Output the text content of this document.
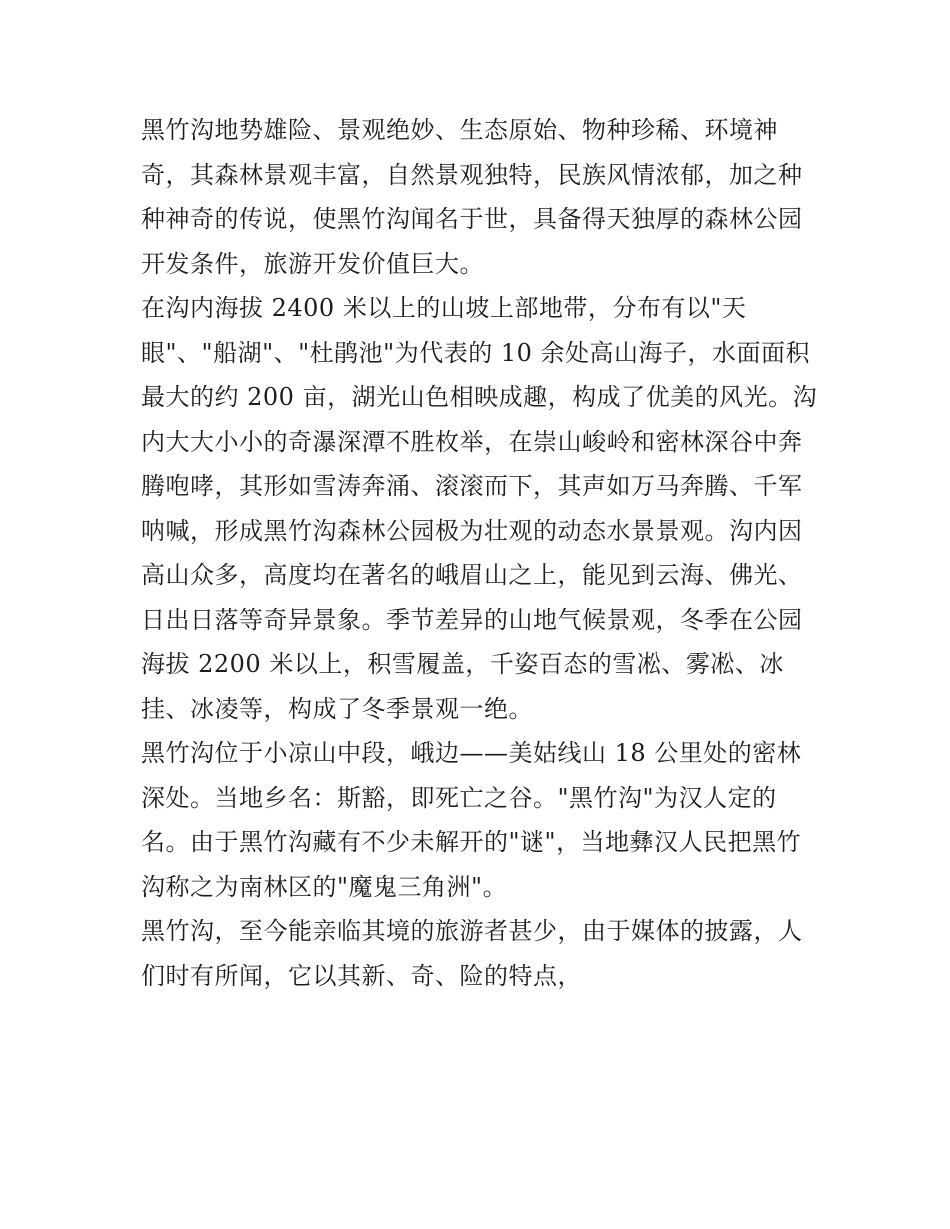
黑竹沟地势雄险、景观绝妙、生态原始、物种珍稀、环境神
奇，其森林景观丰富，自然景观独特，民族风情浓郁，加之种
种神奇的传说，使黑竹沟闻名于世，具备得天独厚的森林公园
开发条件，旅游开发价值巨大。
在沟内海拔 2400 米以上的山坡上部地带，分布有以"天
眼"、"船湖"、"杜鹃池"为代表的 10 余处高山海子，水面面积
最大的约 200 亩，湖光山色相映成趣，构成了优美的风光。沟
内大大小小的奇瀑深潭不胜枚举，在崇山峻岭和密林深谷中奔
腾咆哮，其形如雪涛奔涌、滚滚而下，其声如万马奔腾、千军
呐喊，形成黑竹沟森林公园极为壮观的动态水景景观。沟内因
高山众多，高度均在著名的峨眉山之上，能见到云海、佛光、
日出日落等奇异景象。季节差异的山地气候景观，冬季在公园
海拔 2200 米以上，积雪履盖，千姿百态的雪凇、雾凇、冰
挂、冰凌等，构成了冬季景观一绝。
黑竹沟位于小凉山中段，峨边——美姑线山 18 公里处的密林
深处。当地乡名：斯豁，即死亡之谷。"黑竹沟"为汉人定的
名。由于黑竹沟藏有不少未解开的"谜"，当地彝汉人民把黑竹
沟称之为南林区的"魔鬼三角洲"。
黑竹沟，至今能亲临其境的旅游者甚少，由于媒体的披露，人
们时有所闻，它以其新、奇、险的特点，
